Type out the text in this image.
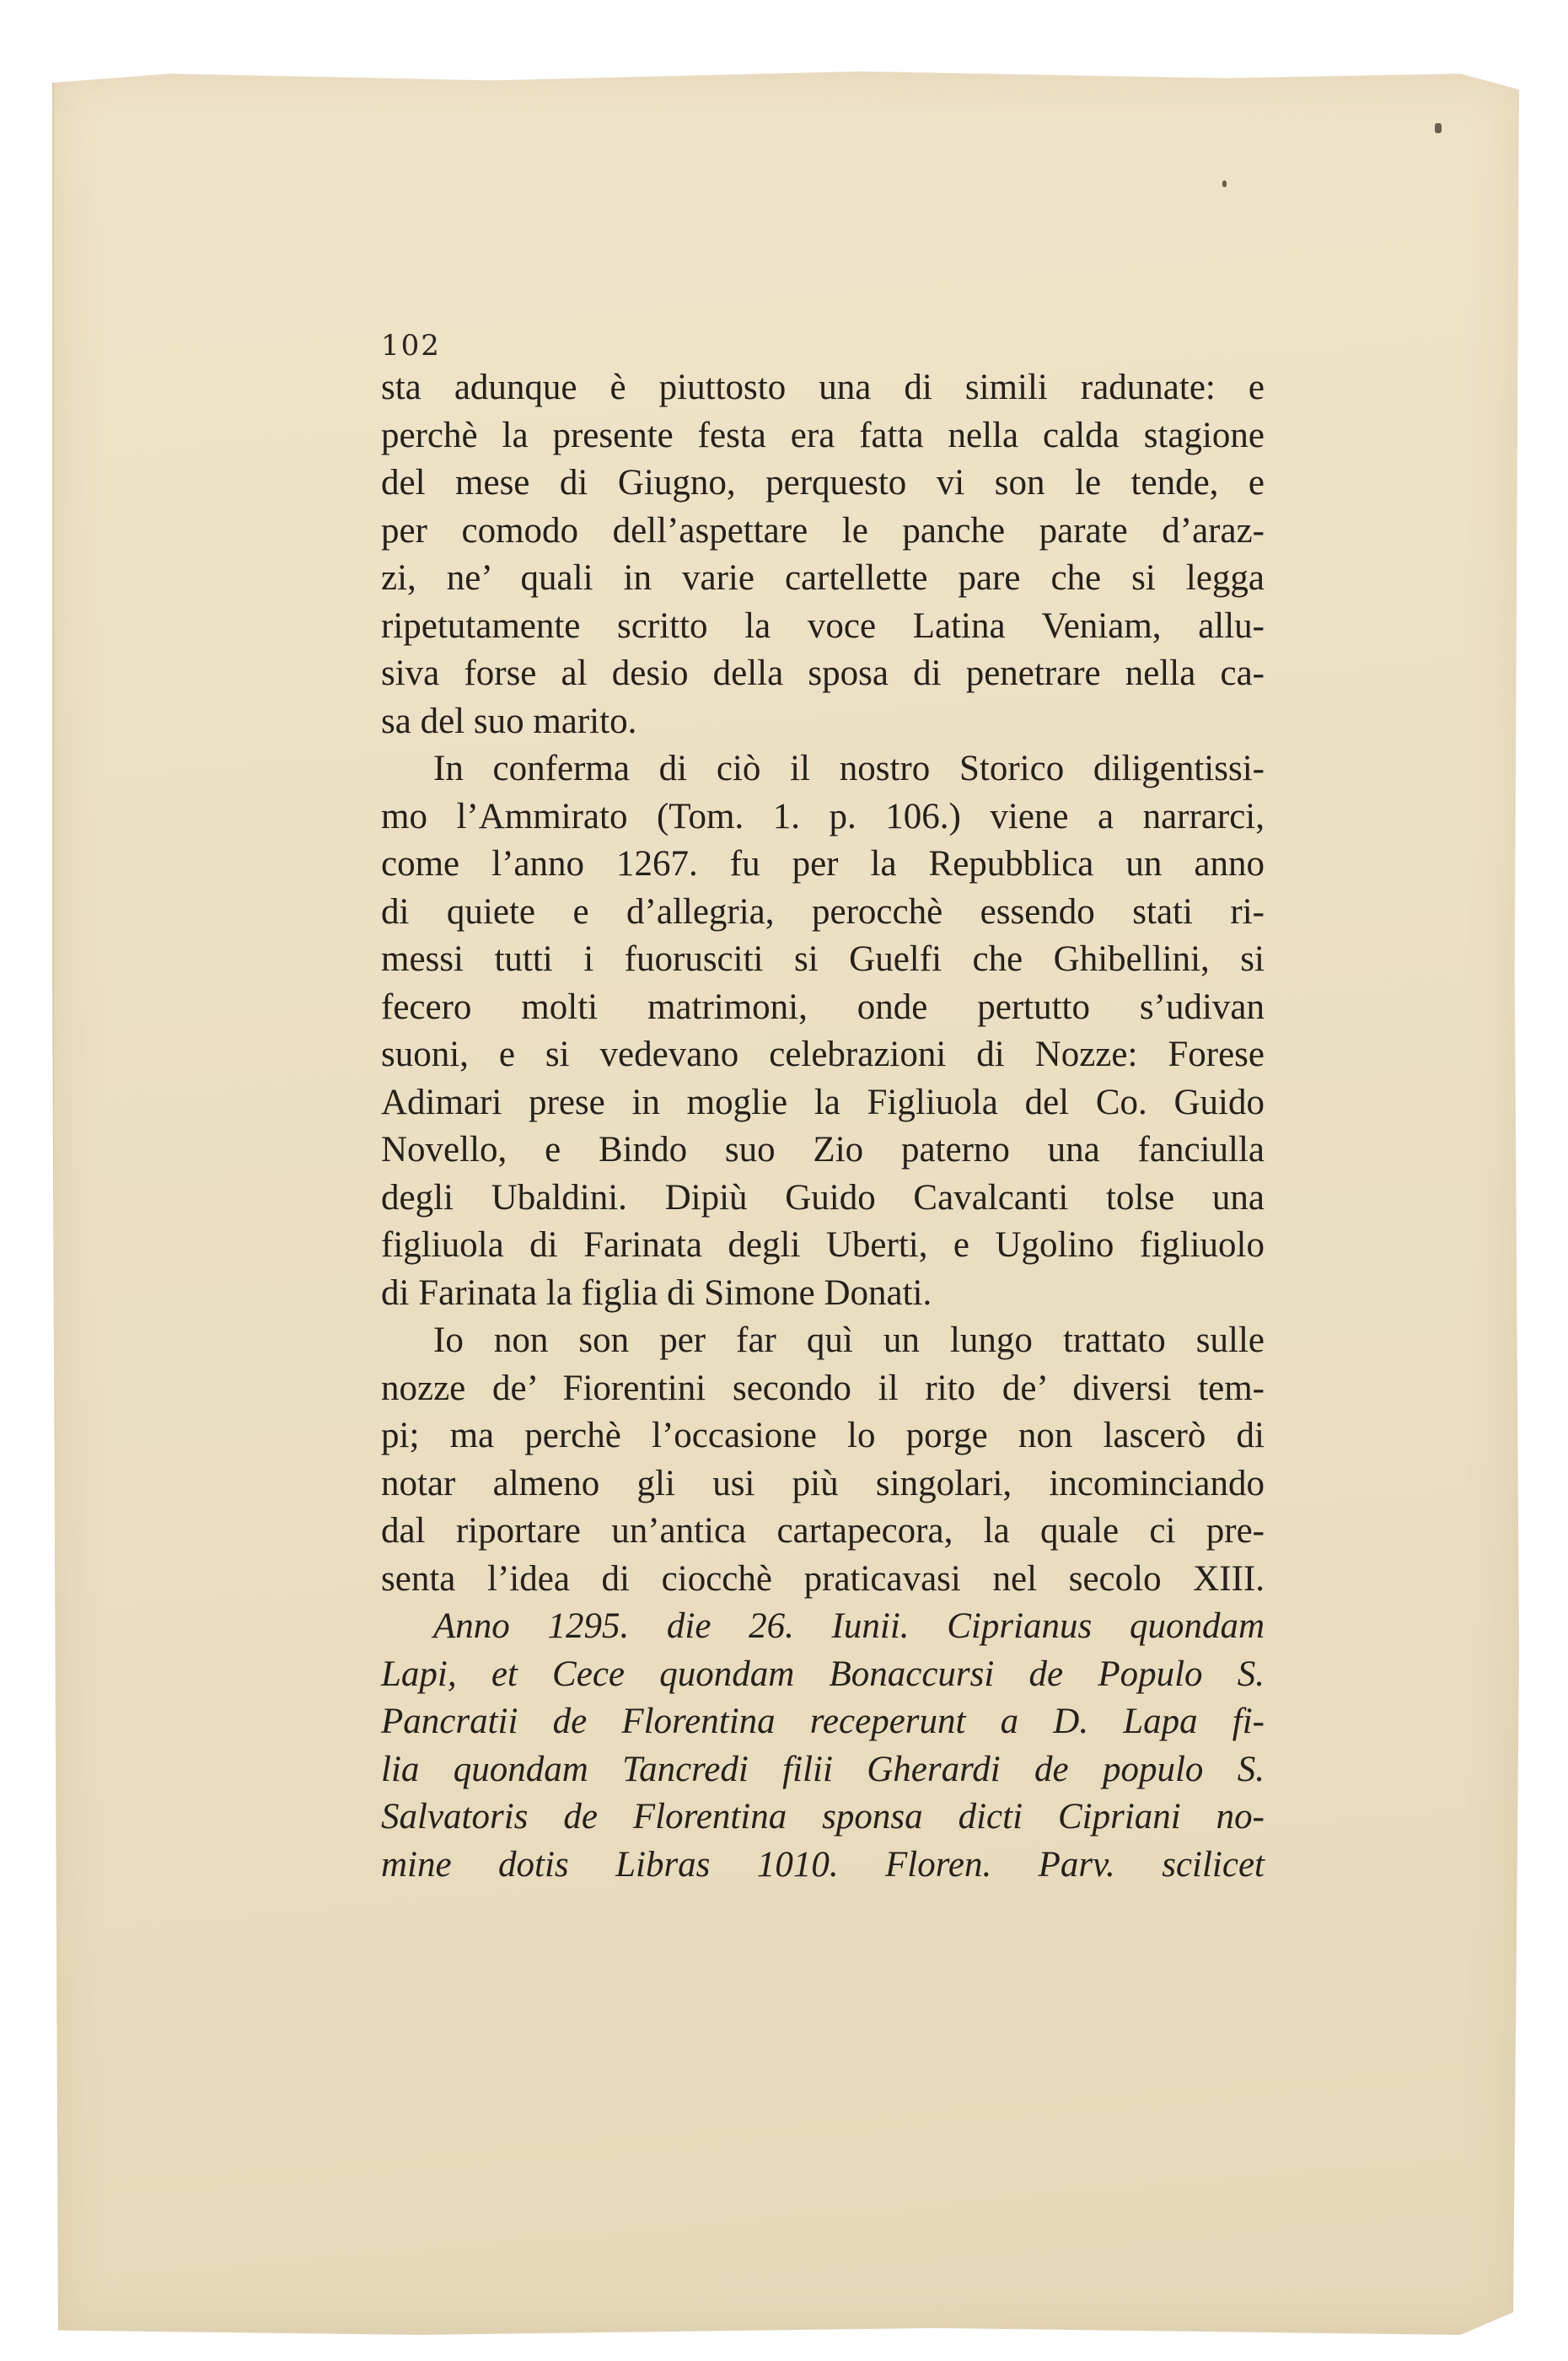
102
sta adunque è piuttosto una di simili radunate: e
perchè la presente festa era fatta nella calda stagione
del mese di Giugno, perquesto vi son le tende, e
per comodo dell’aspettare le panche parate d’araz-
zi, ne’ quali in varie cartellette pare che si legga
ripetutamente scritto la voce Latina Veniam, allu-
siva forse al desio della sposa di penetrare nella ca-
sa del suo marito.
In conferma di ciò il nostro Storico diligentissi-
mo l’Ammirato (Tom. 1. p. 106.) viene a narrarci,
come l’anno 1267. fu per la Repubblica un anno
di quiete e d’allegria, perocchè essendo stati ri-
messi tutti i fuorusciti si Guelfi che Ghibellini, si
fecero molti matrimoni, onde pertutto s’udivan
suoni, e si vedevano celebrazioni di Nozze: Forese
Adimari prese in moglie la Figliuola del Co. Guido
Novello, e Bindo suo Zio paterno una fanciulla
degli Ubaldini. Dipiù Guido Cavalcanti tolse una
figliuola di Farinata degli Uberti, e Ugolino figliuolo
di Farinata la figlia di Simone Donati.
Io non son per far quì un lungo trattato sulle
nozze de’ Fiorentini secondo il rito de’ diversi tem-
pi; ma perchè l’occasione lo porge non lascerò di
notar almeno gli usi più singolari, incominciando
dal riportare un’antica cartapecora, la quale ci pre-
senta l’idea di ciocchè praticavasi nel secolo XIII.
Anno 1295. die 26. Iunii. Ciprianus quondam
Lapi, et Cece quondam Bonaccursi de Populo S.
Pancratii de Florentina receperunt a D. Lapa fi-
lia quondam Tancredi filii Gherardi de populo S.
Salvatoris de Florentina sponsa dicti Cipriani no-
mine dotis Libras 1010. Floren. Parv. scilicet
